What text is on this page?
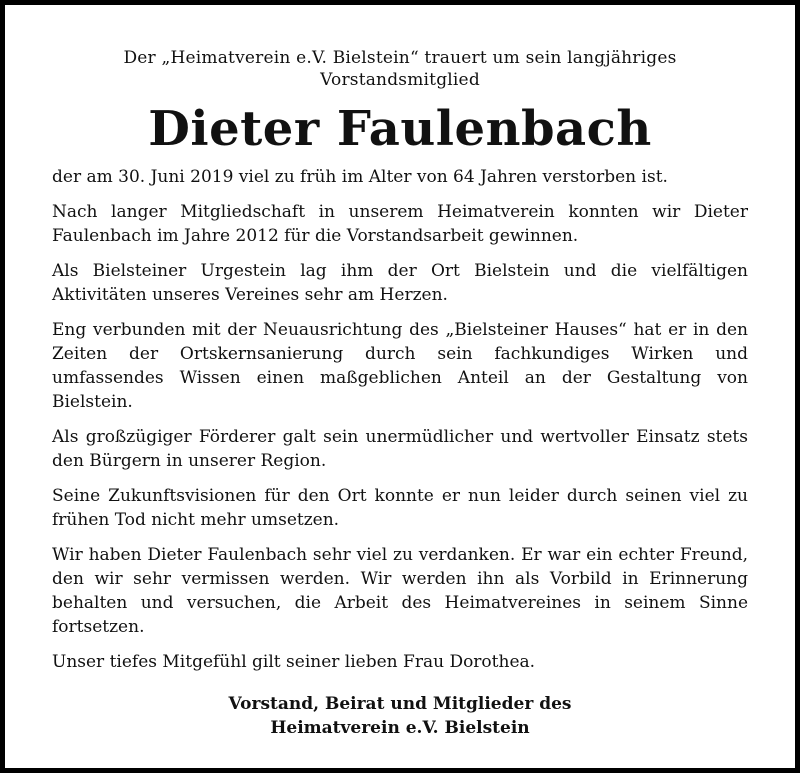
Der „Heimatverein e.V. Bielstein“ trauert um sein langjähriges Vorstandsmitglied

Dieter Faulenbach

der am 30. Juni 2019 viel zu früh im Alter von 64 Jahren verstorben ist.

Nach langer Mitgliedschaft in unserem Heimatverein konnten wir Dieter Faulenbach im Jahre 2012 für die Vorstandsarbeit gewinnen.

Als Bielsteiner Urgestein lag ihm der Ort Bielstein und die vielfältigen Aktivitäten unseres Vereines sehr am Herzen.

Eng verbunden mit der Neuausrichtung des „Bielsteiner Hauses“ hat er in den Zeiten der Ortskernsanierung durch sein fachkundiges Wirken und umfassendes Wissen einen maßgeblichen Anteil an der Gestaltung von Bielstein.

Als großzügiger Förderer galt sein unermüdlicher und wertvoller Einsatz stets den Bürgern in unserer Region.

Seine Zukunftsvisionen für den Ort konnte er nun leider durch seinen viel zu frühen Tod nicht mehr umsetzen.

Wir haben Dieter Faulenbach sehr viel zu verdanken. Er war ein echter Freund, den wir sehr vermissen werden. Wir werden ihn als Vorbild in Erinnerung behalten und versuchen, die Arbeit des Heimatvereines in seinem Sinne fortsetzen.

Unser tiefes Mitgefühl gilt seiner lieben Frau Dorothea.

Vorstand, Beirat und Mitglieder des
Heimatverein e.V. Bielstein
